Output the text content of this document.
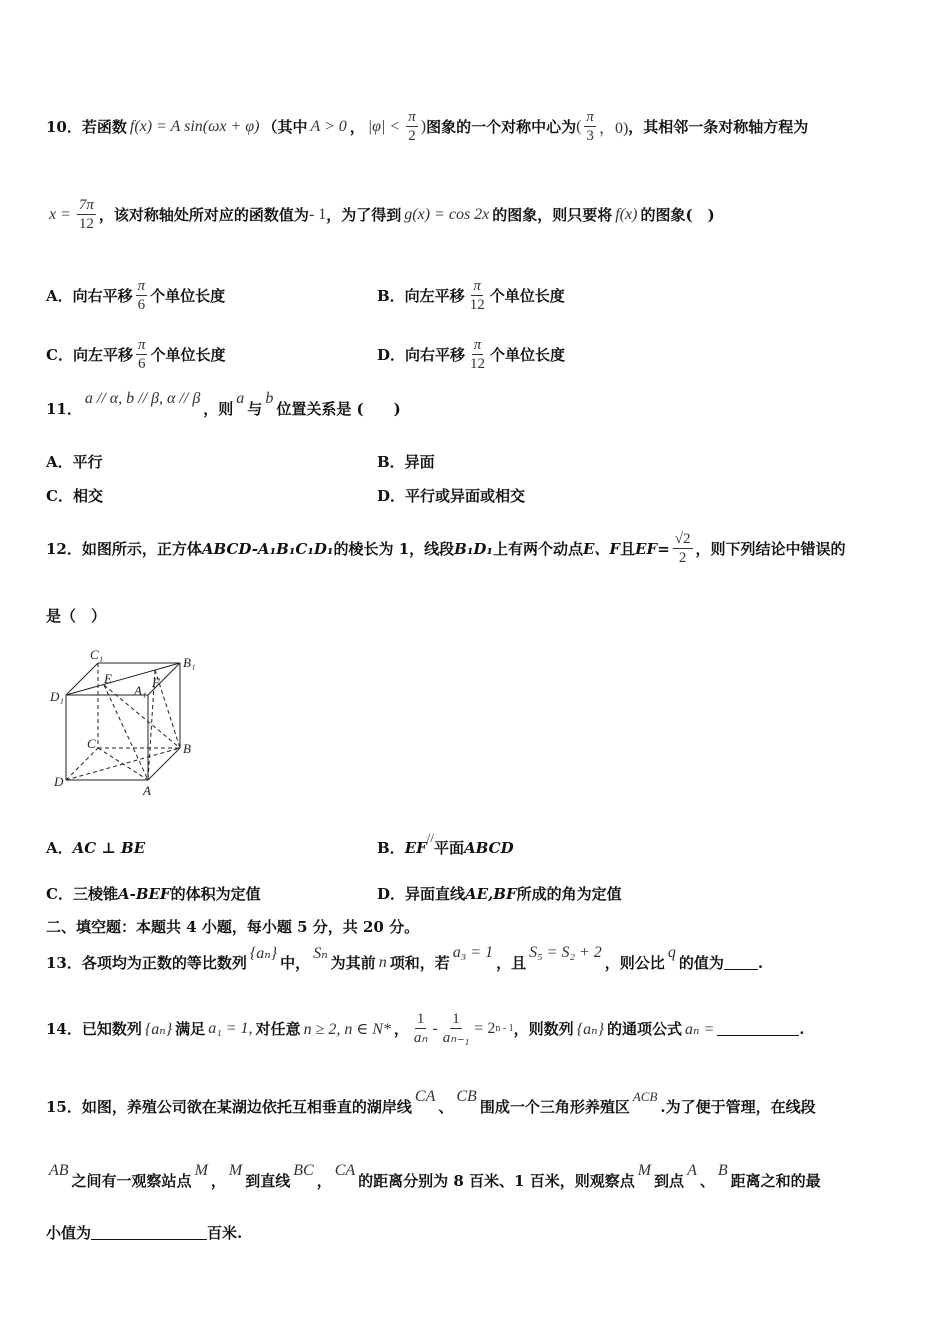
10． 若函数 f(x) = A sin(ωx + φ) （其中 A > 0 ， $|\varphi| < \frac{\pi}{2}$ ) 图象的一个对称中心为 ( $\frac{\pi}{3}$ ，0) ，其相邻一条对称轴方程为
$x = \frac{7\pi}{12}$ ，该对称轴处所对应的函数值为 - 1 ，为了得到 g(x) = cos 2x 的图象，则只要将 f(x) 的图象(　)
A．向右平移 $\frac{\pi}{6}$ 个单位长度	B．向左平移 $\frac{\pi}{12}$ 个单位长度
C．向左平移 $\frac{\pi}{6}$ 个单位长度	D．向右平移 $\frac{\pi}{12}$ 个单位长度
11．
a // α, b // β, α // β
，则
a
与
b
位置关系是 (　　)
A．平行	B．异面
C．相交	D．平行或异面或相交
12． 如图所示，正方体 ABCD-A₁B₁C₁D₁ 的棱长为 1，线段 B₁D₁ 上有两个动点 E、F 且 $EF= \frac{√2}{2}$ ，则下列结论中错误的
是（　）
C₁
B₁
D₁
E	F
A₁
C	B
D
A
A． AC ⊥ BE	B． EF
//
平面 ABCD
C．三棱锥 A-BEF 的体积为定值	D．异面直线 AE,BF 所成的角为定值
二、填空题：本题共 4 小题，每小题 5 分，共 20 分。
13． 各项均为正数的等比数列
{aₙ}
中，
Sₙ
为其前 n 项和，若
a₃ = 1
，且
S₅ = S₂ + 2
，则公比
q
的值为 .
14． 已知数列 {aₙ} 满足 a₁ = 1, 对任意 n ≥ 2, n ∈ N* ， $\frac{1}{\text{aₙ}} - \frac{1}{\text{aₙ₋₁}} = 2$ n - 1 ，则数列 {aₙ} 的通项公式 aₙ =	.
15． 如图，养殖公司欲在某湖边依托互相垂直的湖岸线
CA
、
CB
围成一个三角形养殖区
ACB
.为了便于管理，在线段
AB
之间有一观察站点
M
，
M
到直线
BC
，
CA
的距离分别为 8 百米、1 百米，则观察点
M
到点
A
、
B
距离之和的最
小值为	百米.
